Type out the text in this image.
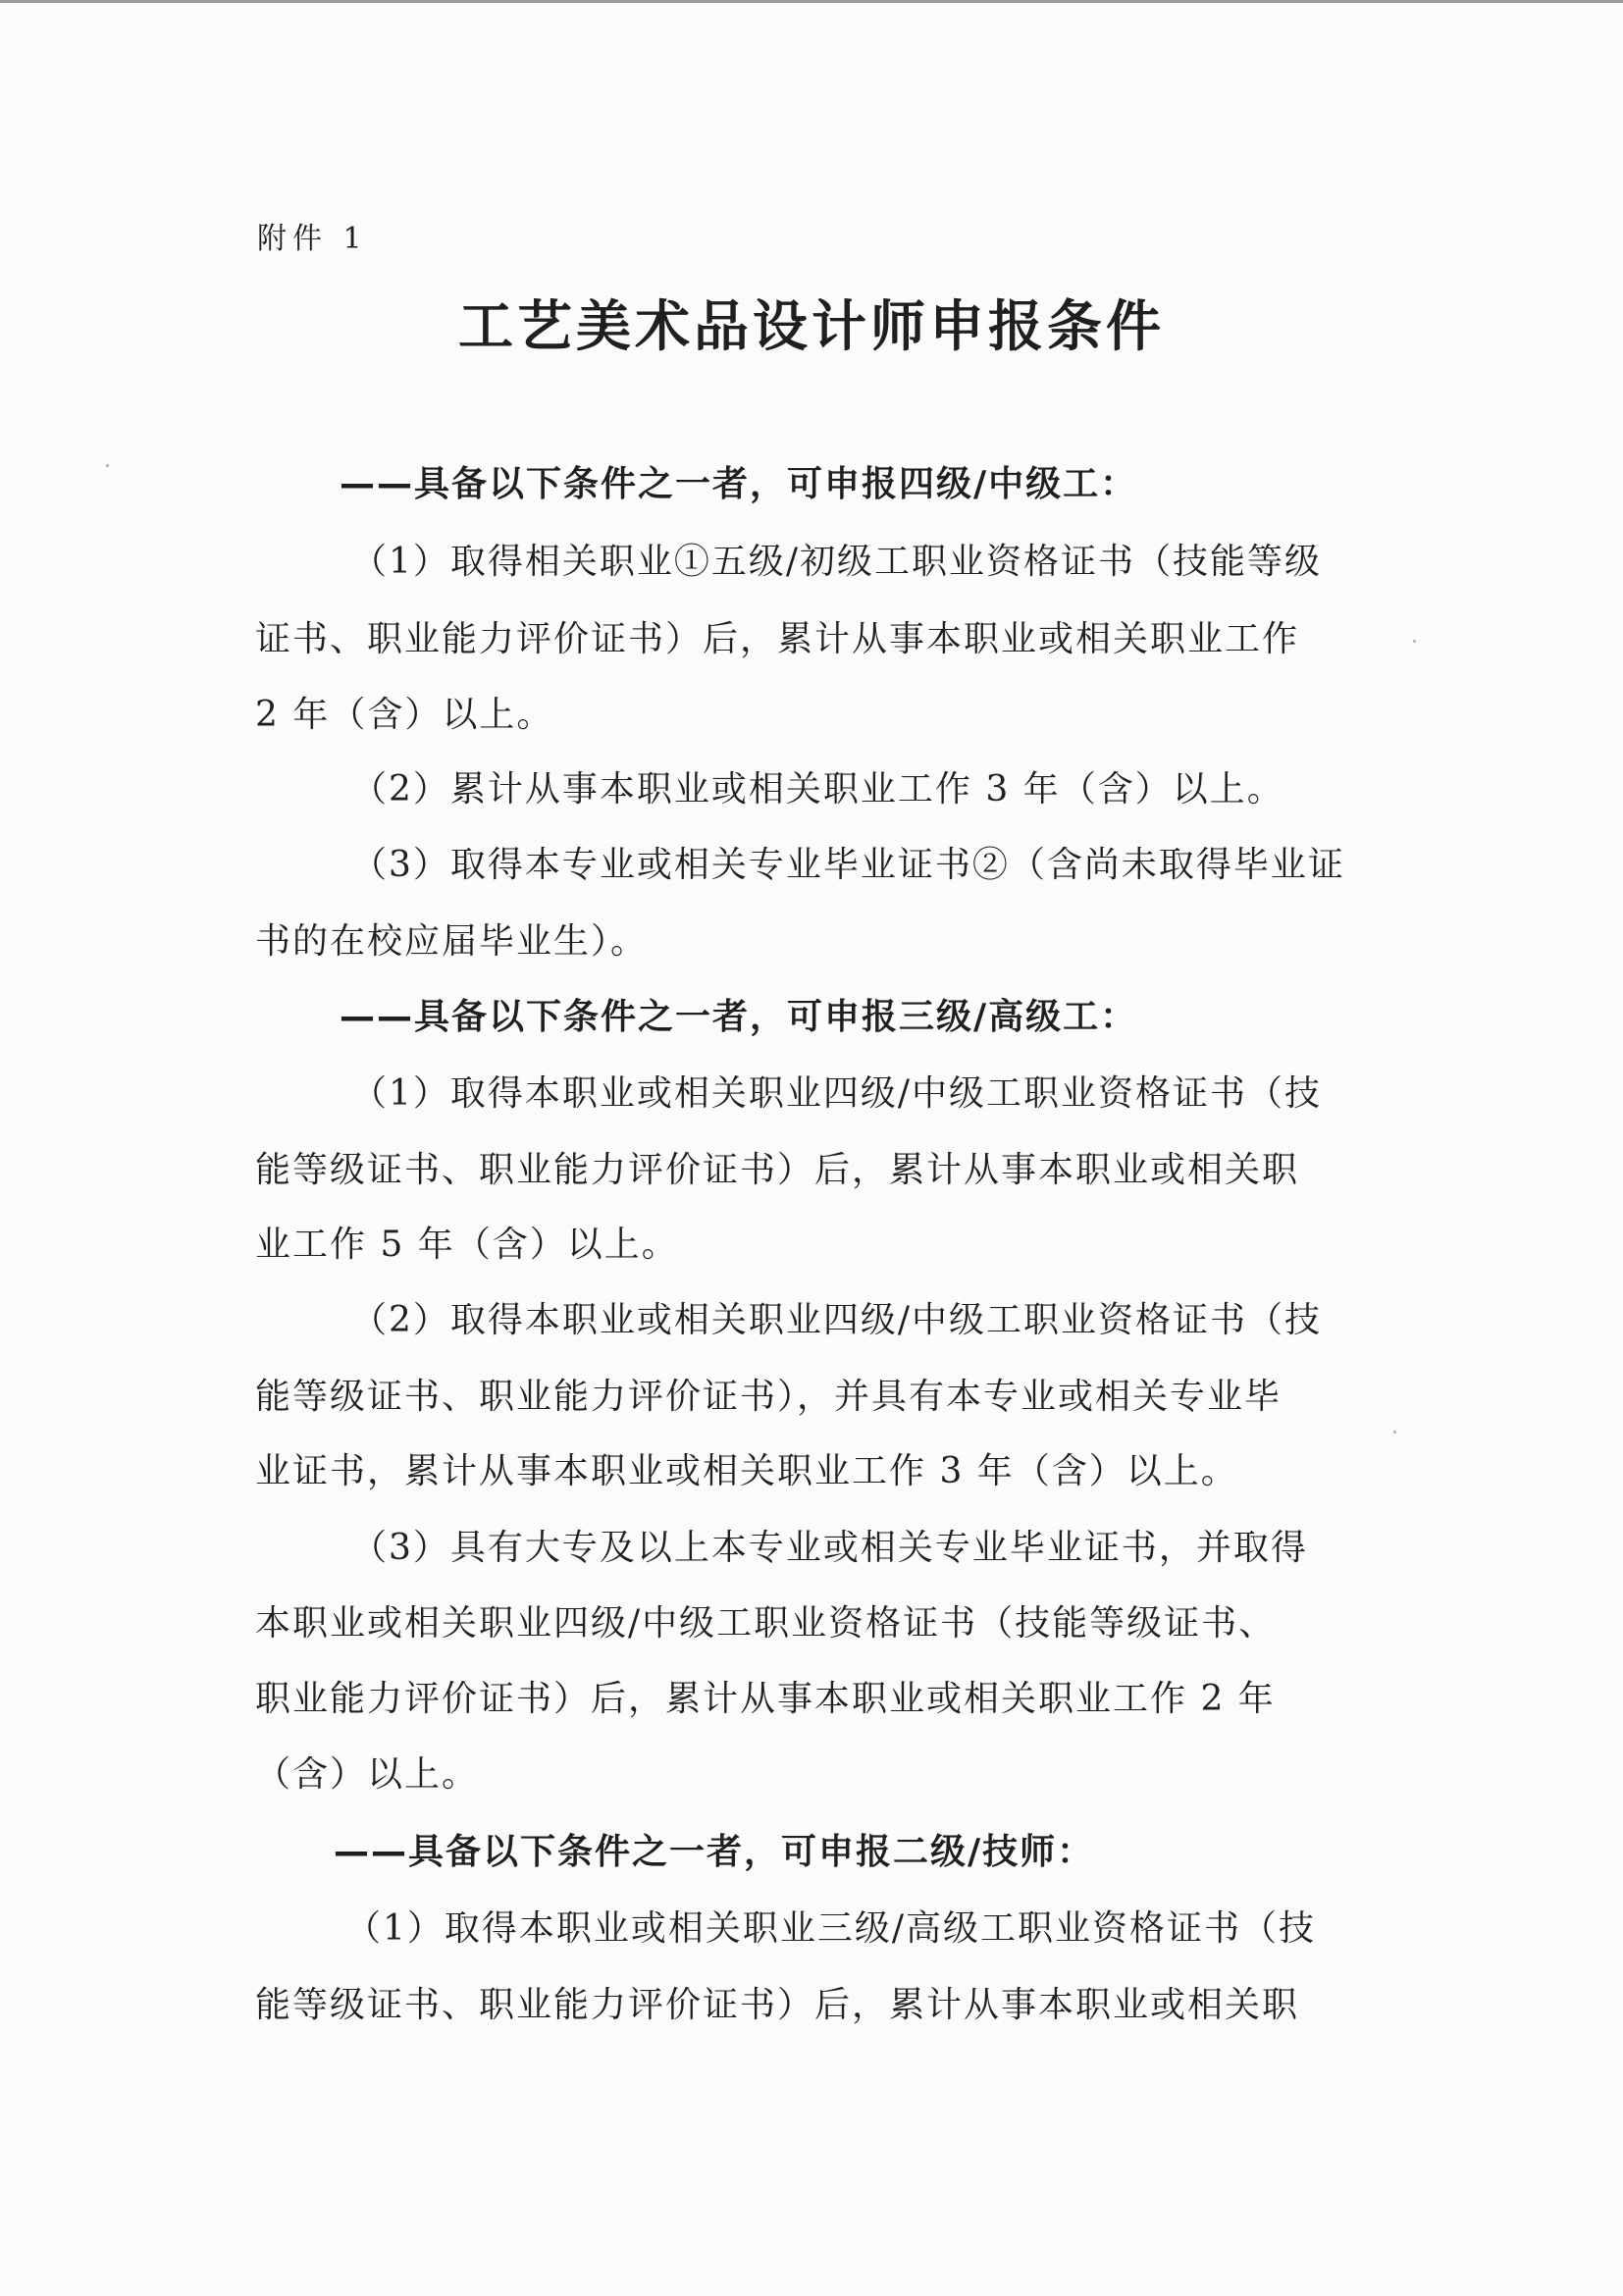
附件 1
工艺美术品设计师申报条件
——具备以下条件之一者，可申报四级/中级工：
（1）取得相关职业①五级/初级工职业资格证书（技能等级
证书、职业能力评价证书）后，累计从事本职业或相关职业工作
2 年（含）以上。
（2）累计从事本职业或相关职业工作 3 年（含）以上。
（3）取得本专业或相关专业毕业证书②（含尚未取得毕业证
书的在校应届毕业生）。
——具备以下条件之一者，可申报三级/高级工：
（1）取得本职业或相关职业四级/中级工职业资格证书（技
能等级证书、职业能力评价证书）后，累计从事本职业或相关职
业工作 5 年（含）以上。
（2）取得本职业或相关职业四级/中级工职业资格证书（技
能等级证书、职业能力评价证书），并具有本专业或相关专业毕
业证书，累计从事本职业或相关职业工作 3 年（含）以上。
（3）具有大专及以上本专业或相关专业毕业证书，并取得
本职业或相关职业四级/中级工职业资格证书（技能等级证书、
职业能力评价证书）后，累计从事本职业或相关职业工作 2 年
（含）以上。
——具备以下条件之一者，可申报二级/技师：
（1）取得本职业或相关职业三级/高级工职业资格证书（技
能等级证书、职业能力评价证书）后，累计从事本职业或相关职
